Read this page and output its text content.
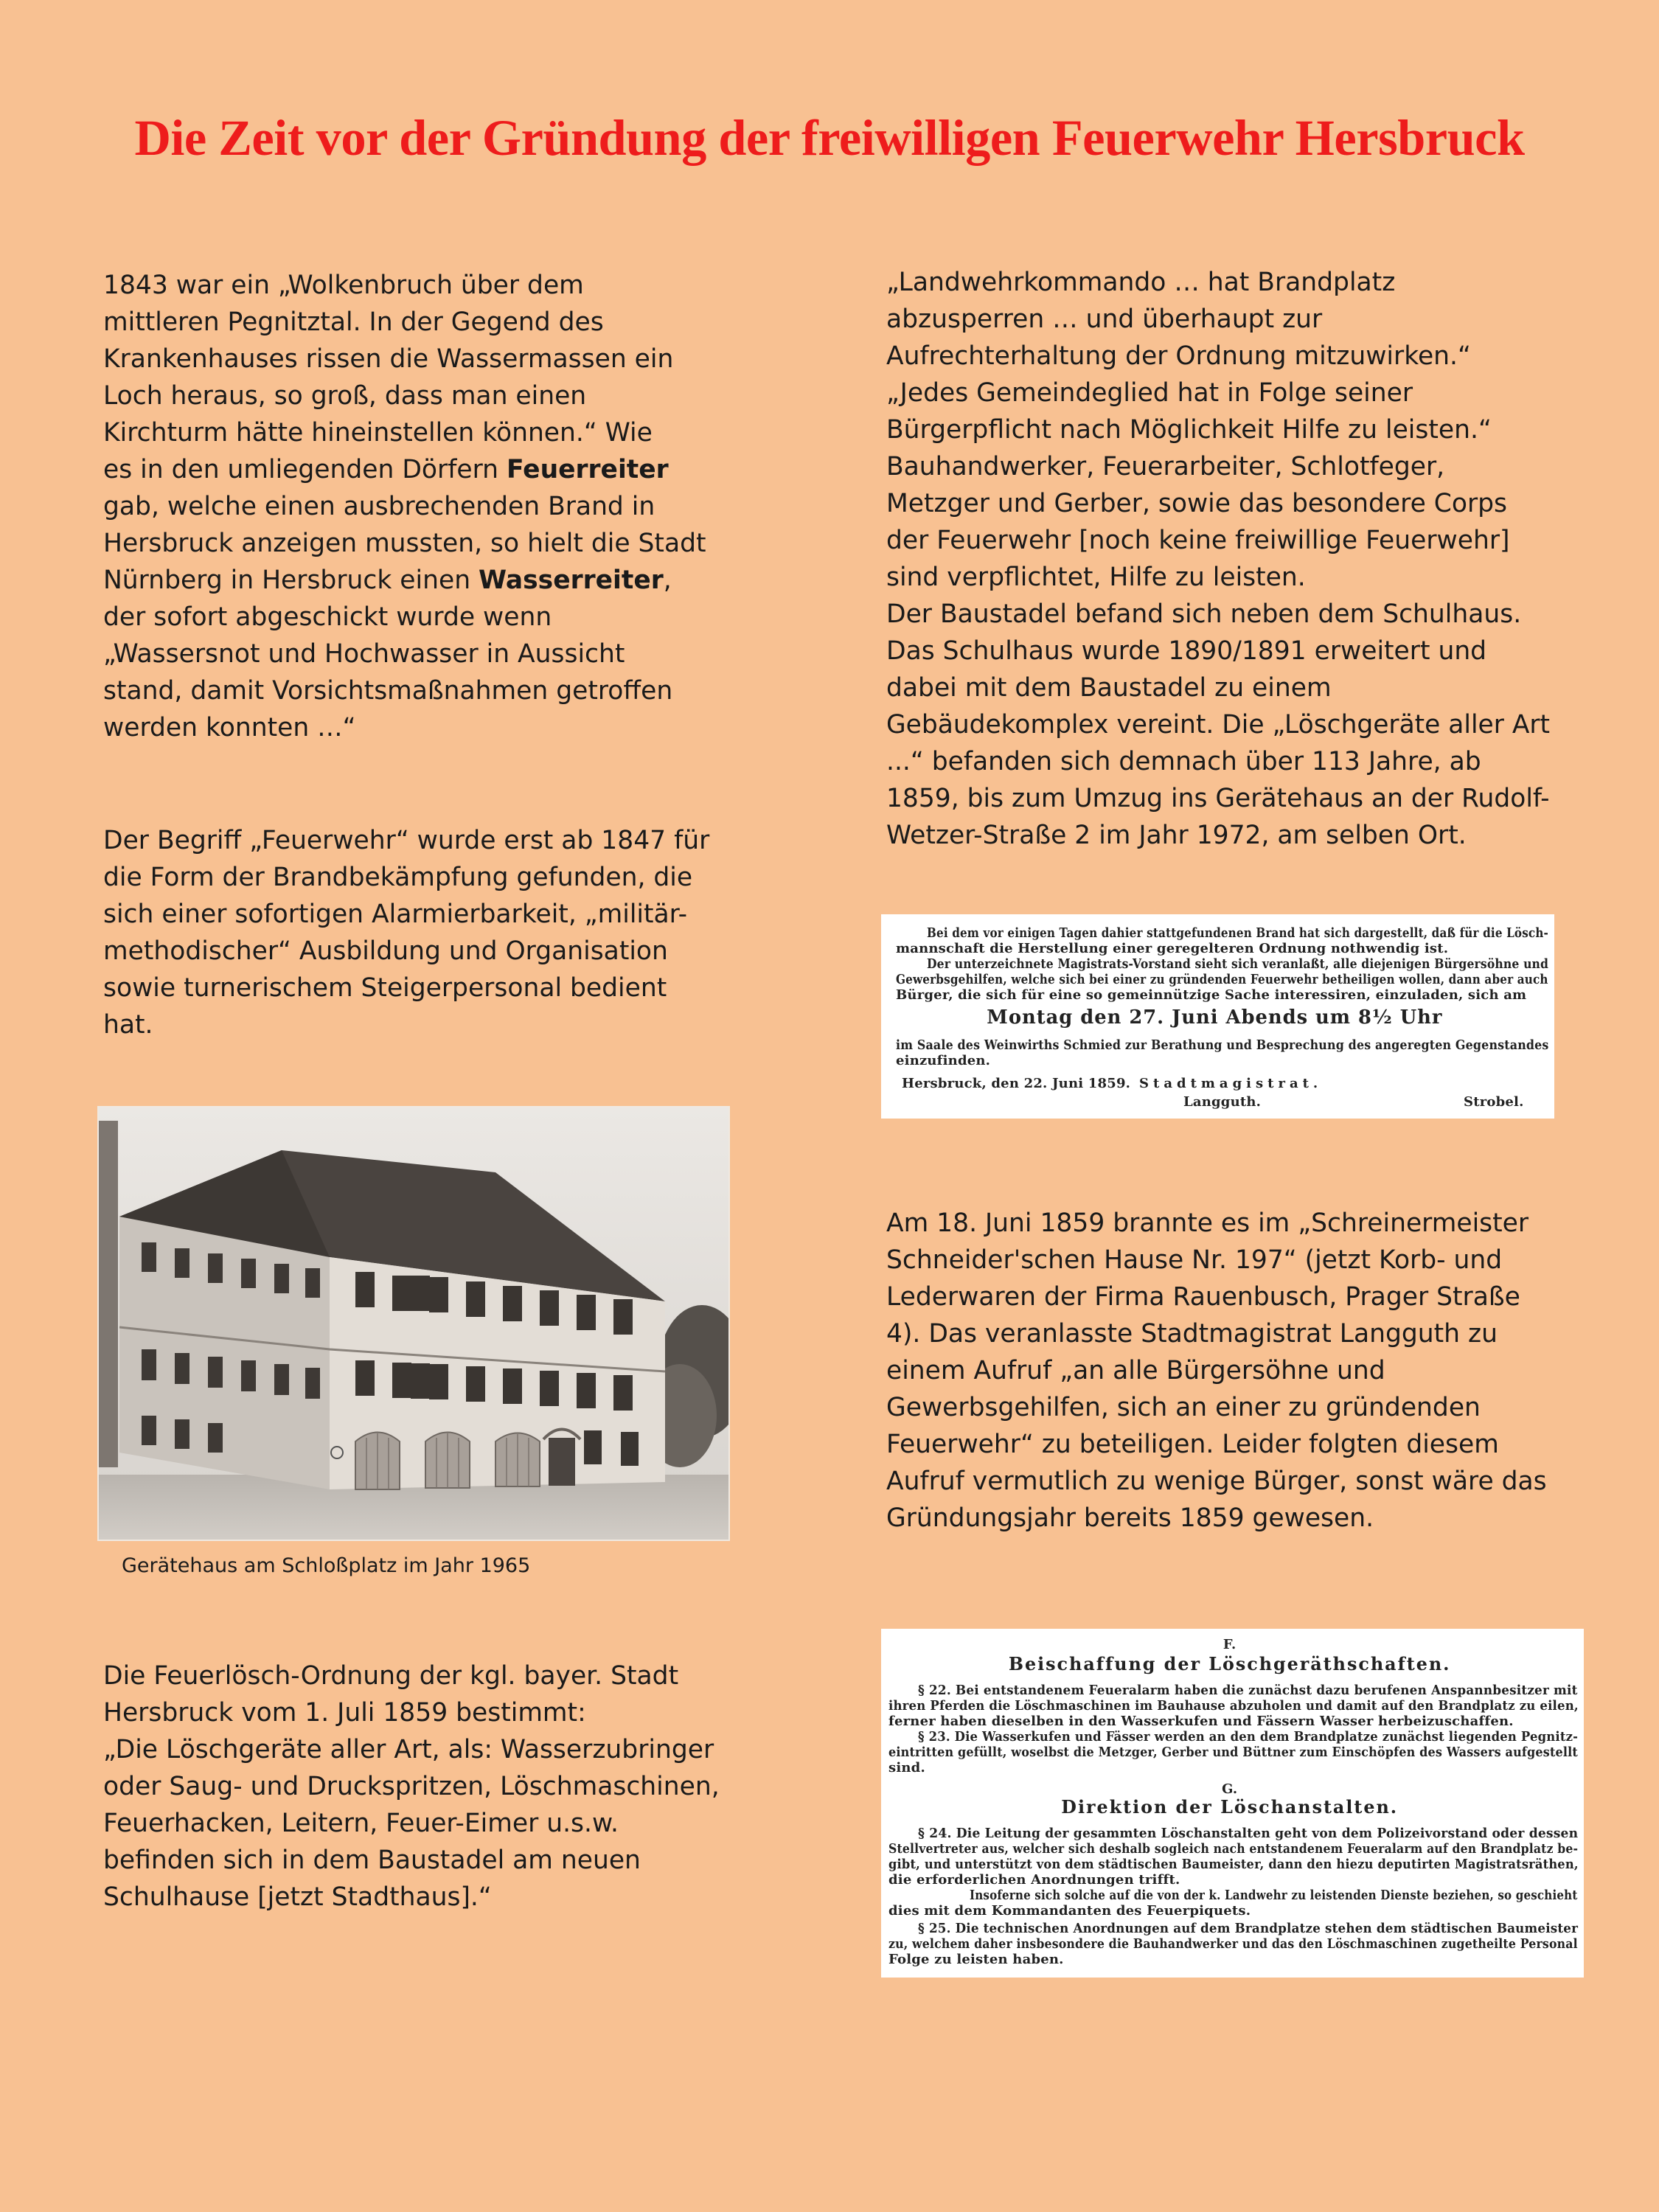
Die Zeit vor der Gründung der freiwilligen Feuerwehr Hersbruck
1843 war ein „Wolkenbruch über dem
mittleren Pegnitztal. In der Gegend des
Krankenhauses rissen die Wassermassen ein
Loch heraus, so groß, dass man einen
Kirchturm hätte hineinstellen können.“ Wie
es in den umliegenden Dörfern Feuerreiter
gab, welche einen ausbrechenden Brand in
Hersbruck anzeigen mussten, so hielt die Stadt
Nürnberg in Hersbruck einen Wasserreiter,
der sofort abgeschickt wurde wenn
„Wassersnot und Hochwasser in Aussicht
stand, damit Vorsichtsmaßnahmen getroffen
werden konnten …“
Der Begriff „Feuerwehr“ wurde erst ab 1847 für
die Form der Brandbekämpfung gefunden, die
sich einer sofortigen Alarmierbarkeit, „militär-
methodischer“ Ausbildung und Organisation
sowie turnerischem Steigerpersonal bedient
hat.
Gerätehaus am Schloßplatz im Jahr 1965
Die Feuerlösch-Ordnung der kgl. bayer. Stadt
Hersbruck vom 1. Juli 1859 bestimmt:
„Die Löschgeräte aller Art, als: Wasserzubringer
oder Saug- und Druckspritzen, Löschmaschinen,
Feuerhacken, Leitern, Feuer-Eimer u.s.w.
befinden sich in dem Baustadel am neuen
Schulhause [jetzt Stadthaus].“
„Landwehrkommando … hat Brandplatz
abzusperren … und überhaupt zur
Aufrechterhaltung der Ordnung mitzuwirken.“
„Jedes Gemeindeglied hat in Folge seiner
Bürgerpflicht nach Möglichkeit Hilfe zu leisten.“
Bauhandwerker, Feuerarbeiter, Schlotfeger,
Metzger und Gerber, sowie das besondere Corps
der Feuerwehr [noch keine freiwillige Feuerwehr]
sind verpflichtet, Hilfe zu leisten.
Der Baustadel befand sich neben dem Schulhaus.
Das Schulhaus wurde 1890/1891 erweitert und
dabei mit dem Baustadel zu einem
Gebäudekomplex vereint. Die „Löschgeräte aller Art
...“ befanden sich demnach über 113 Jahre, ab
1859, bis zum Umzug ins Gerätehaus an der Rudolf-
Wetzer-Straße 2 im Jahr 1972, am selben Ort.
Bei dem vor einigen Tagen dahier stattgefundenen Brand hat sich dargestellt, daß für die Lösch-
mannschaft die Herstellung einer geregelteren Ordnung nothwendig ist.
Der unterzeichnete Magistrats-Vorstand sieht sich veranlaßt, alle diejenigen Bürgersöhne und
Gewerbsgehilfen, welche sich bei einer zu gründenden Feuerwehr betheiligen wollen, dann aber auch
Bürger, die sich für eine so gemeinnützige Sache interessiren, einzuladen, sich am
Montag den 27. Juni Abends um 8½ Uhr
im Saale des Weinwirths Schmied zur Berathung und Besprechung des angeregten Gegenstandes
einzufinden.
Hersbruck, den 22. Juni 1859. Stadtmagistrat.
Langguth.	Strobel.
Am 18. Juni 1859 brannte es im „Schreinermeister
Schneider'schen Hause Nr. 197“ (jetzt Korb- und
Lederwaren der Firma Rauenbusch, Prager Straße
4). Das veranlasste Stadtmagistrat Langguth zu
einem Aufruf „an alle Bürgersöhne und
Gewerbsgehilfen, sich an einer zu gründenden
Feuerwehr“ zu beteiligen. Leider folgten diesem
Aufruf vermutlich zu wenige Bürger, sonst wäre das
Gründungsjahr bereits 1859 gewesen.
F.
Beischaffung der Löschgeräthschaften.
§ 22. Bei entstandenem Feueralarm haben die zunächst dazu berufenen Anspannbesitzer mit
ihren Pferden die Löschmaschinen im Bauhause abzuholen und damit auf den Brandplatz zu eilen,
ferner haben dieselben in den Wasserkufen und Fässern Wasser herbeizuschaffen.
§ 23. Die Wasserkufen und Fässer werden an den dem Brandplatze zunächst liegenden Pegnitz-
eintritten gefüllt, woselbst die Metzger, Gerber und Büttner zum Einschöpfen des Wassers aufgestellt
sind.
G.
Direktion der Löschanstalten.
§ 24. Die Leitung der gesammten Löschanstalten geht von dem Polizeivorstand oder dessen
Stellvertreter aus, welcher sich deshalb sogleich nach entstandenem Feueralarm auf den Brandplatz be-
gibt, und unterstützt von dem städtischen Baumeister, dann den hiezu deputirten Magistratsräthen,
die erforderlichen Anordnungen trifft.
Insoferne sich solche auf die von der k. Landwehr zu leistenden Dienste beziehen, so geschieht
dies mit dem Kommandanten des Feuerpiquets.
§ 25. Die technischen Anordnungen auf dem Brandplatze stehen dem städtischen Baumeister
zu, welchem daher insbesondere die Bauhandwerker und das den Löschmaschinen zugetheilte Personal
Folge zu leisten haben.
